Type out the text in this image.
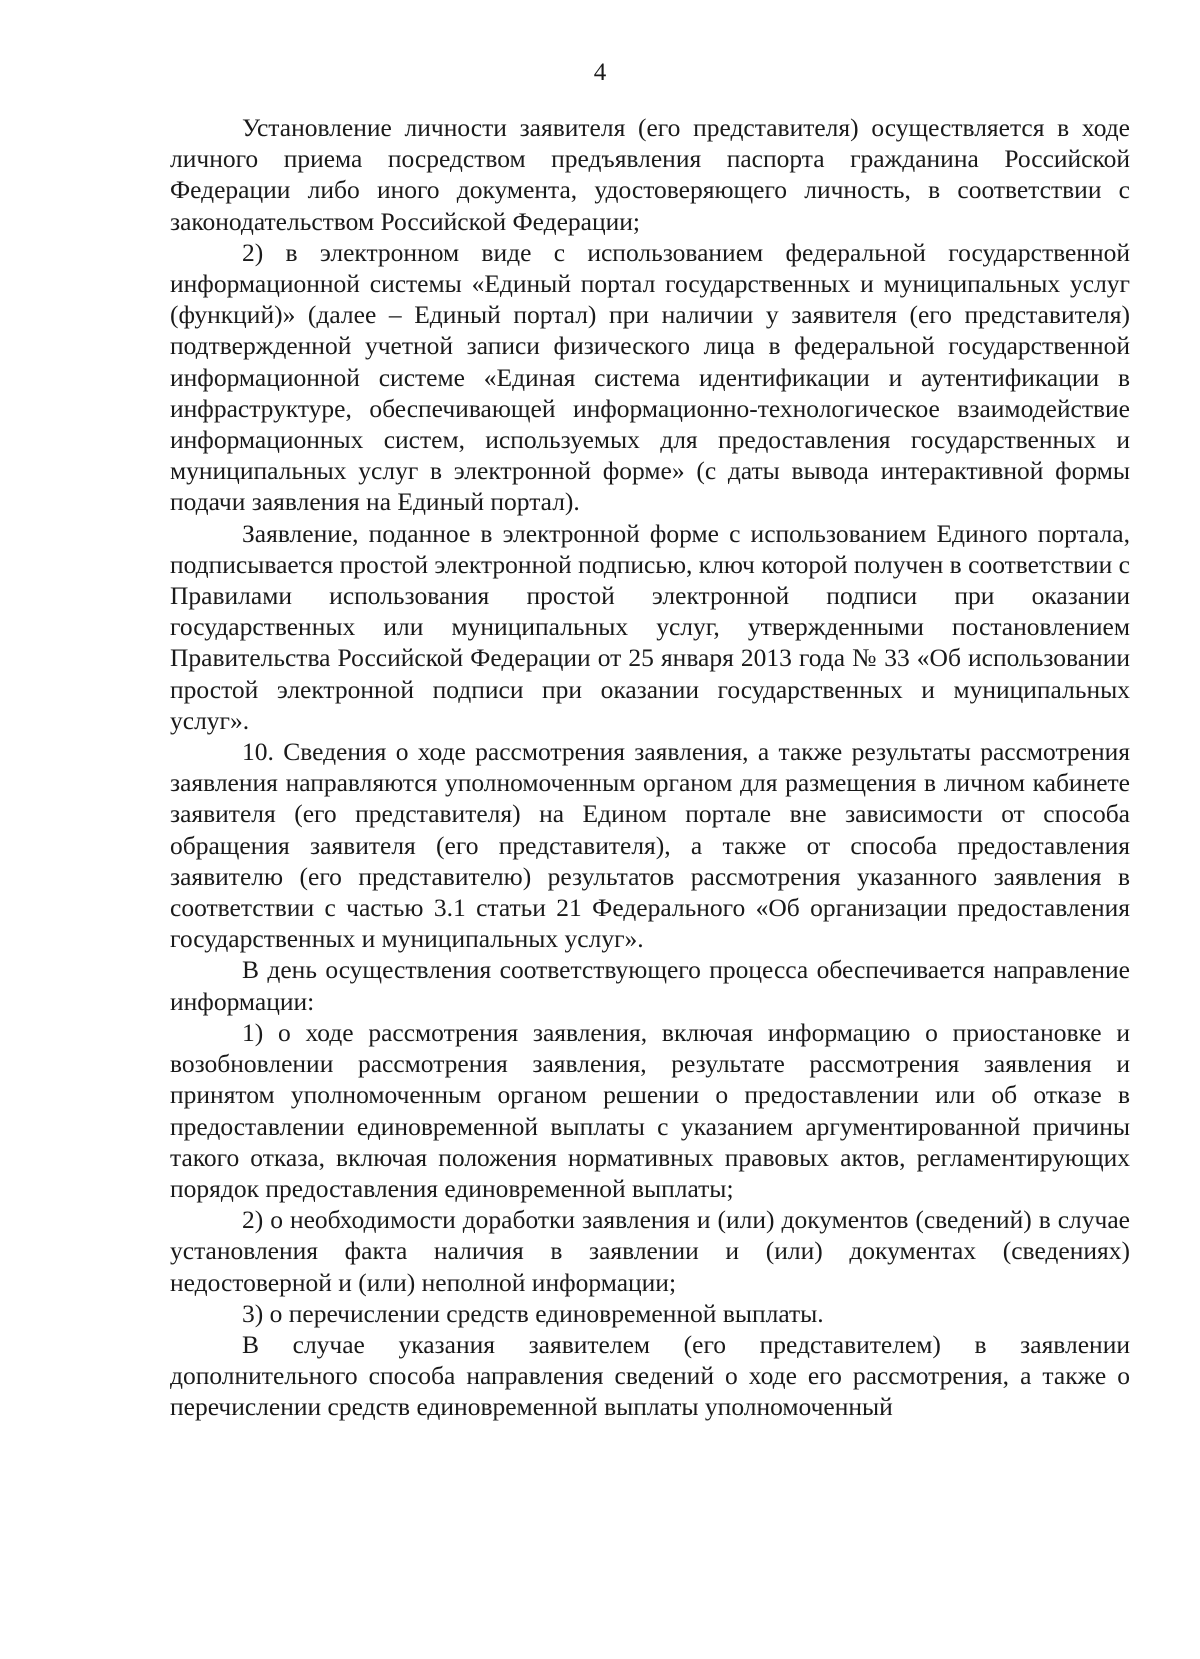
4

Установление личности заявителя (его представителя) осуществляется в ходе личного приема посредством предъявления паспорта гражданина Российской Федерации либо иного документа, удостоверяющего личность, в соответствии с законодательством Российской Федерации;

2) в электронном виде с использованием федеральной государственной информационной системы «Единый портал государственных и муниципальных услуг (функций)» (далее – Единый портал) при наличии у заявителя (его представителя) подтвержденной учетной записи физического лица в федеральной государственной информационной системе «Единая система идентификации и аутентификации в инфраструктуре, обеспечивающей информационно-технологическое взаимодействие информационных систем, используемых для предоставления государственных и муниципальных услуг в электронной форме» (с даты вывода интерактивной формы подачи заявления на Единый портал).

Заявление, поданное в электронной форме с использованием Единого портала, подписывается простой электронной подписью, ключ которой получен в соответствии с Правилами использования простой электронной подписи при оказании государственных или муниципальных услуг, утвержденными постановлением Правительства Российской Федерации от 25 января 2013 года № 33 «Об использовании простой электронной подписи при оказании государственных и муниципальных услуг».

10. Сведения о ходе рассмотрения заявления, а также результаты рассмотрения заявления направляются уполномоченным органом для размещения в личном кабинете заявителя (его представителя) на Едином портале вне зависимости от способа обращения заявителя (его представителя), а также от способа предоставления заявителю (его представителю) результатов рассмотрения указанного заявления в соответствии с частью 3.1 статьи 21 Федерального «Об организации предоставления государственных и муниципальных услуг».

В день осуществления соответствующего процесса обеспечивается направление информации:

1) о ходе рассмотрения заявления, включая информацию о приостановке и возобновлении рассмотрения заявления, результате рассмотрения заявления и принятом уполномоченным органом решении о предоставлении или об отказе в предоставлении единовременной выплаты с указанием аргументированной причины такого отказа, включая положения нормативных правовых актов, регламентирующих порядок предоставления единовременной выплаты;

2) о необходимости доработки заявления и (или) документов (сведений) в случае установления факта наличия в заявлении и (или) документах (сведениях) недостоверной и (или) неполной информации;

3) о перечислении средств единовременной выплаты.

В случае указания заявителем (его представителем) в заявлении дополнительного способа направления сведений о ходе его рассмотрения, а также о перечислении средств единовременной выплаты уполномоченный
